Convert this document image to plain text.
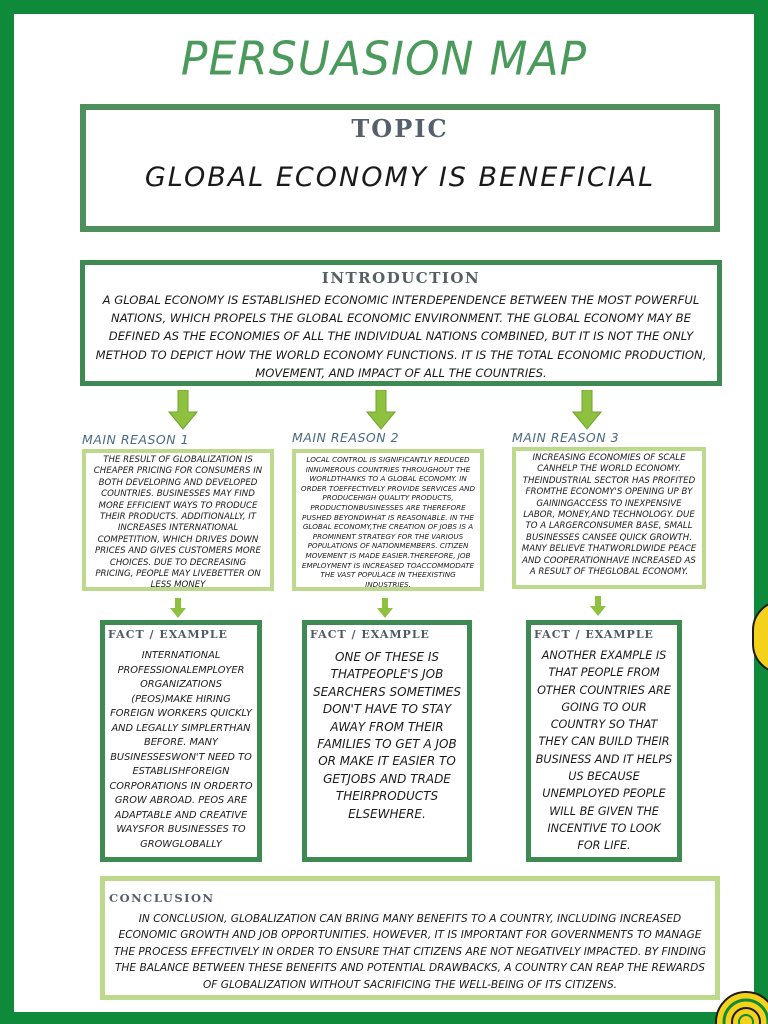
PERSUASION MAP
TOPIC
GLOBAL ECONOMY IS BENEFICIAL
INTRODUCTION
A GLOBAL ECONOMY IS ESTABLISHED ECONOMIC INTERDEPENDENCE BETWEEN THE MOST POWERFUL NATIONS, WHICH PROPELS THE GLOBAL ECONOMIC ENVIRONMENT. THE GLOBAL ECONOMY MAY BE DEFINED AS THE ECONOMIES OF ALL THE INDIVIDUAL NATIONS COMBINED, BUT IT IS NOT THE ONLY METHOD TO DEPICT HOW THE WORLD ECONOMY FUNCTIONS. IT IS THE TOTAL ECONOMIC PRODUCTION, MOVEMENT, AND IMPACT OF ALL THE COUNTRIES.
MAIN REASON 1	MAIN REASON 2	MAIN REASON 3
THE RESULT OF GLOBALIZATION IS CHEAPER PRICING FOR CONSUMERS IN BOTH DEVELOPING AND DEVELOPED COUNTRIES. BUSINESSES MAY FIND MORE EFFICIENT WAYS TO PRODUCE THEIR PRODUCTS. ADDITIONALLY, IT INCREASES INTERNATIONAL COMPETITION, WHICH DRIVES DOWN PRICES AND GIVES CUSTOMERS MORE CHOICES. DUE TO DECREASING PRICING, PEOPLE MAY LIVEBETTER ON LESS MONEY
LOCAL CONTROL IS SIGNIFICANTLY REDUCED INNUMEROUS COUNTRIES THROUGHOUT THE WORLDTHANKS TO A GLOBAL ECONOMY. IN ORDER TOEFFECTIVELY PROVIDE SERVICES AND PRODUCEHIGH QUALITY PRODUCTS, PRODUCTIONBUSINESSES ARE THEREFORE PUSHED BEYONDWHAT IS REASONABLE. IN THE GLOBAL ECONOMY,THE CREATION OF JOBS IS A PROMINENT STRATEGY FOR THE VARIOUS POPULATIONS OF NATIONMEMBERS. CITIZEN MOVEMENT IS MADE EASIER.THEREFORE, JOB EMPLOYMENT IS INCREASED TOACCOMMODATE THE VAST POPULACE IN THEEXISTING INDUSTRIES.
INCREASING ECONOMIES OF SCALE CANHELP THE WORLD ECONOMY. THEINDUSTRIAL SECTOR HAS PROFITED FROMTHE ECONOMY'S OPENING UP BY GAININGACCESS TO INEXPENSIVE LABOR, MONEY,AND TECHNOLOGY. DUE TO A LARGERCONSUMER BASE, SMALL BUSINESSES CANSEE QUICK GROWTH. MANY BELIEVE THATWORLDWIDE PEACE AND COOPERATIONHAVE INCREASED AS A RESULT OF THEGLOBAL ECONOMY.
FACT / EXAMPLE
INTERNATIONAL PROFESSIONALEMPLOYER ORGANIZATIONS (PEOS)MAKE HIRING FOREIGN WORKERS QUICKLY AND LEGALLY SIMPLERTHAN BEFORE. MANY BUSINESSESWON'T NEED TO ESTABLISHFOREIGN CORPORATIONS IN ORDERTO GROW ABROAD. PEOS ARE ADAPTABLE AND CREATIVE WAYSFOR BUSINESSES TO GROWGLOBALLY
FACT / EXAMPLE
ONE OF THESE IS THATPEOPLE'S JOB SEARCHERS SOMETIMES DON'T HAVE TO STAY AWAY FROM THEIR FAMILIES TO GET A JOB OR MAKE IT EASIER TO GETJOBS AND TRADE THEIRPRODUCTS ELSEWHERE.
FACT / EXAMPLE
ANOTHER EXAMPLE IS THAT PEOPLE FROM OTHER COUNTRIES ARE GOING TO OUR COUNTRY SO THAT THEY CAN BUILD THEIR BUSINESS AND IT HELPS US BECAUSE UNEMPLOYED PEOPLE WILL BE GIVEN THE INCENTIVE TO LOOK FOR LIFE.
CONCLUSION
IN CONCLUSION, GLOBALIZATION CAN BRING MANY BENEFITS TO A COUNTRY, INCLUDING INCREASED ECONOMIC GROWTH AND JOB OPPORTUNITIES. HOWEVER, IT IS IMPORTANT FOR GOVERNMENTS TO MANAGE THE PROCESS EFFECTIVELY IN ORDER TO ENSURE THAT CITIZENS ARE NOT NEGATIVELY IMPACTED. BY FINDING THE BALANCE BETWEEN THESE BENEFITS AND POTENTIAL DRAWBACKS, A COUNTRY CAN REAP THE REWARDS OF GLOBALIZATION WITHOUT SACRIFICING THE WELL-BEING OF ITS CITIZENS.
